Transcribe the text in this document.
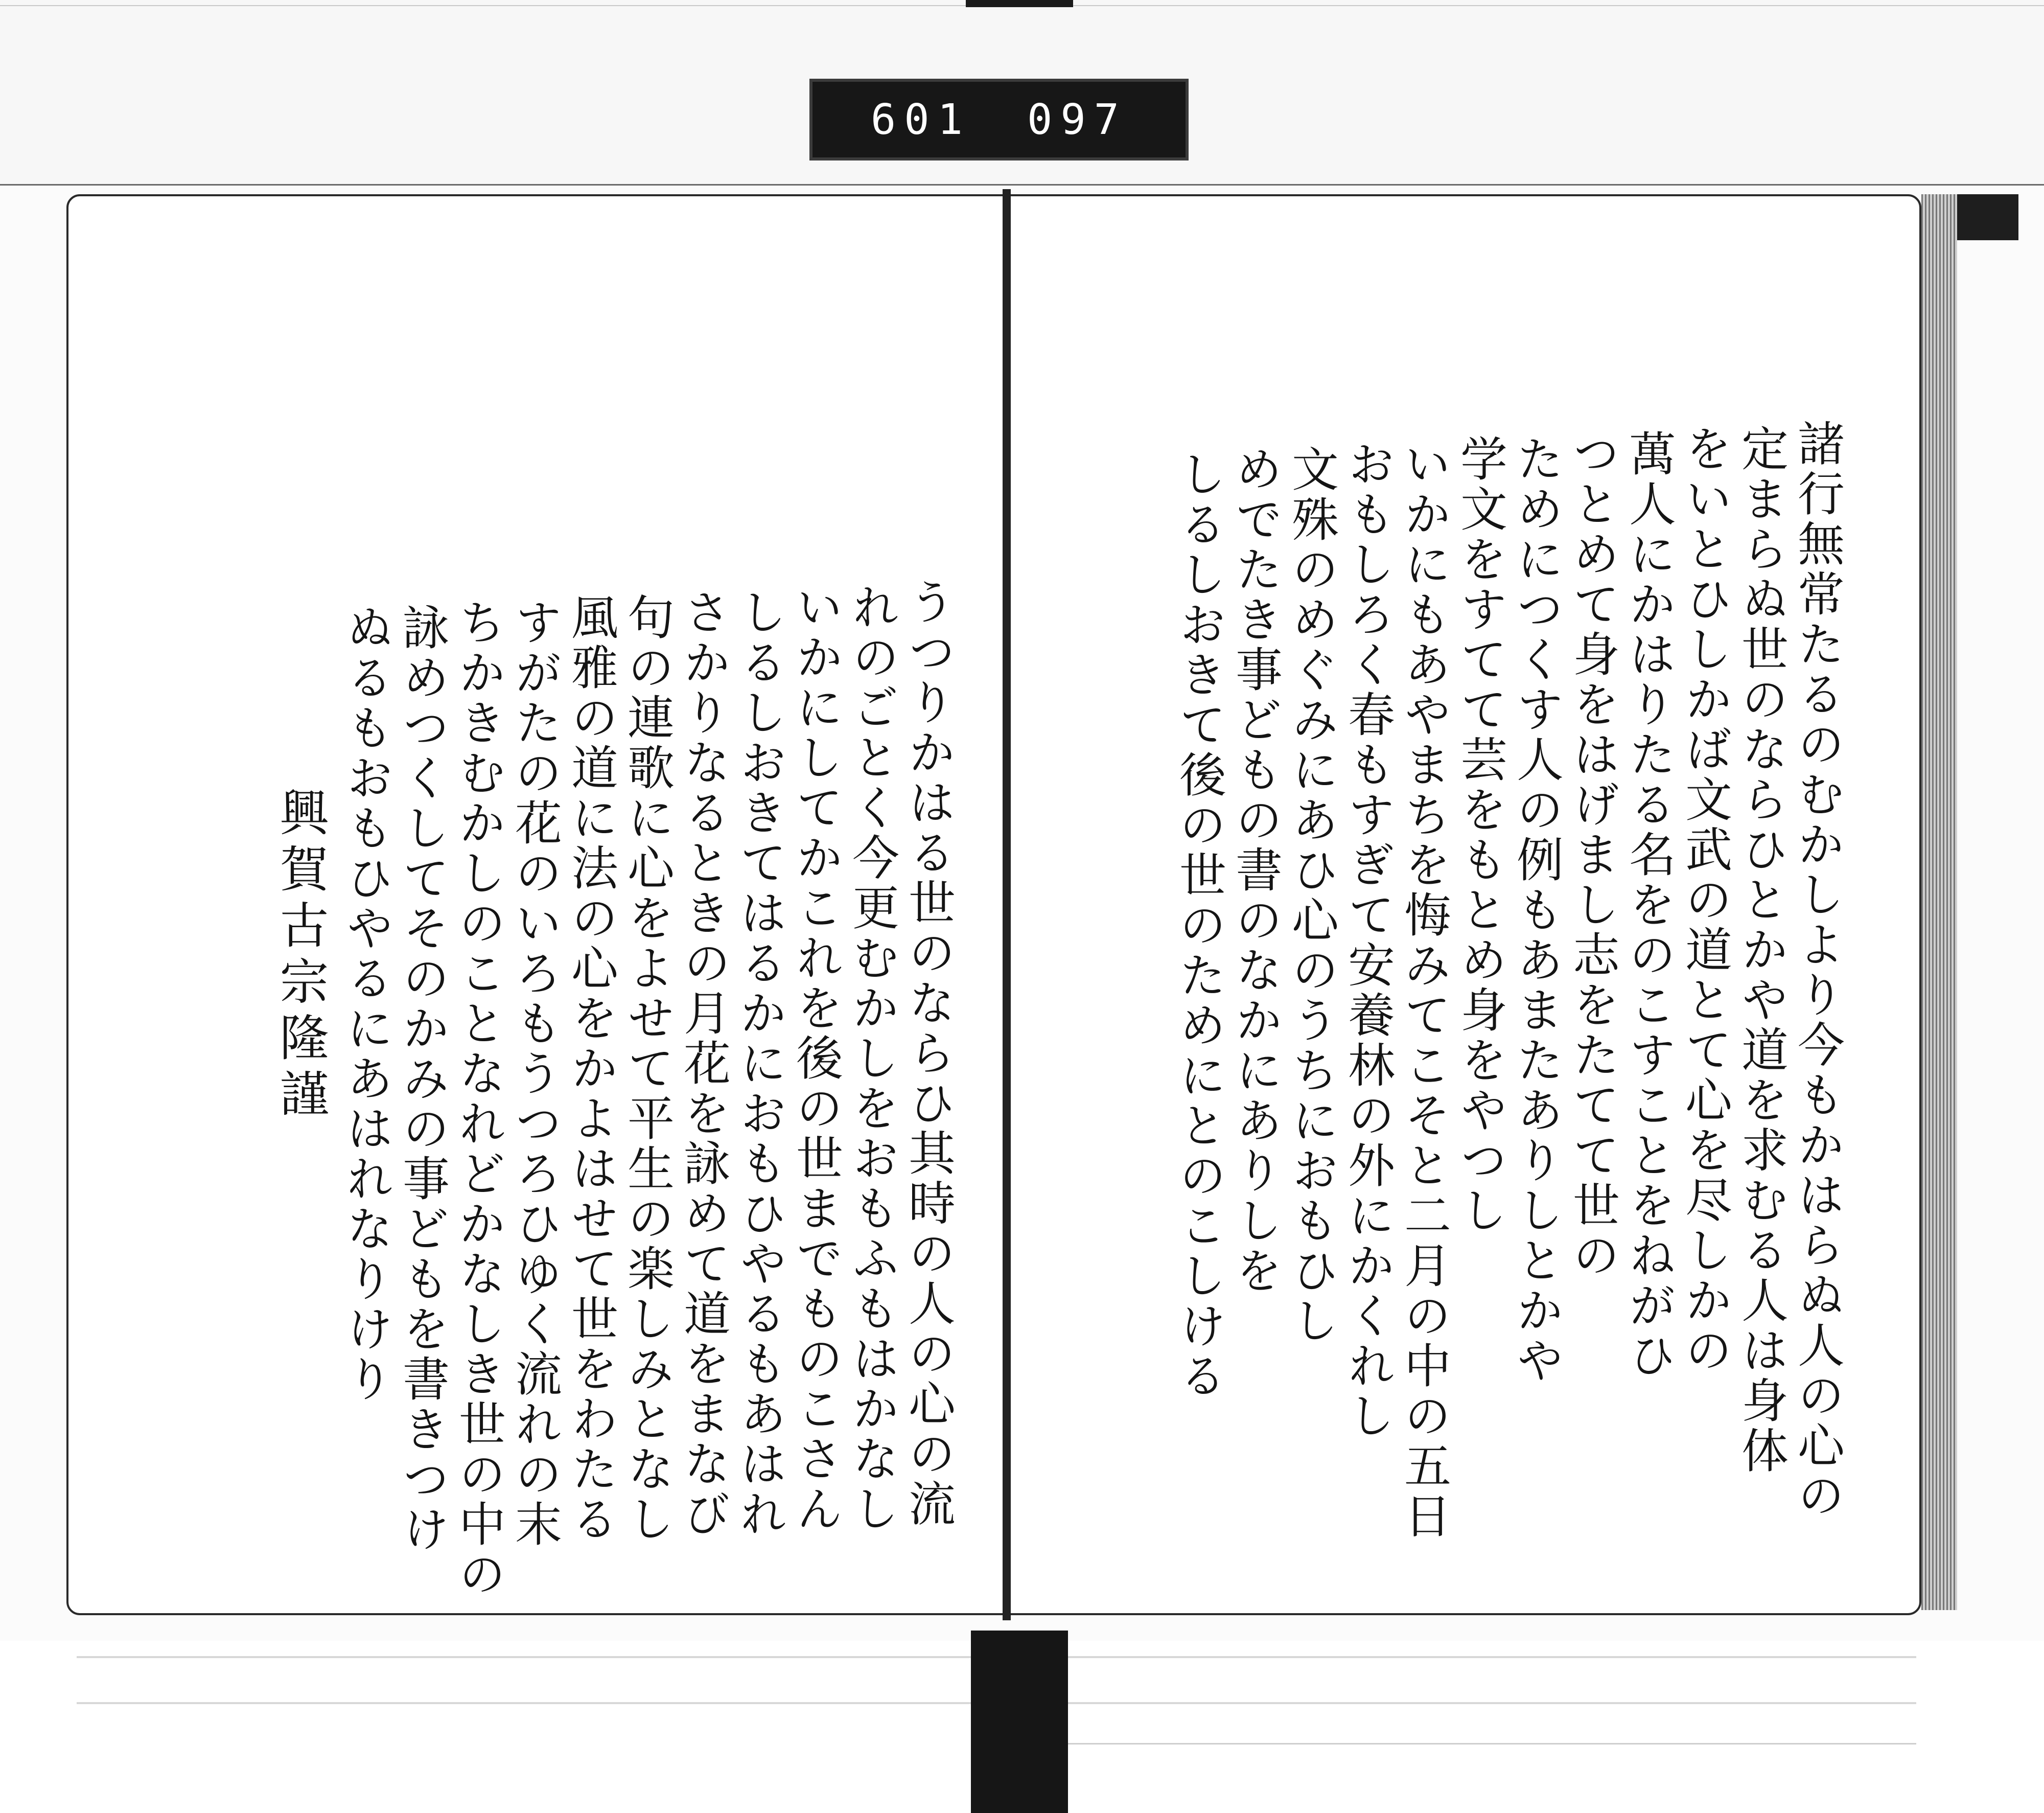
601 097
諸行無常たるのむかしより今もかはらぬ人の心の
定まらぬ世のならひとかや道を求むる人は身体
をいとひしかば文武の道とて心を尽しかの
萬人にかはりたる名をのこすことをねがひ
つとめて身をはげまし志をたてて世の
ためにつくす人の例もあまたありしとかや
学文をすてて芸をもとめ身をやつし
いかにもあやまちを悔みてこそと二月の中の五日
おもしろく春もすぎて安養林の外にかくれし
文殊のめぐみにあひ心のうちにおもひし
めでたき事どもの書のなかにありしを
しるしおきて後の世のためにとのこしける
うつりかはる世のならひ其時の人の心の流
れのごとく今更むかしをおもふもはかなし
いかにしてかこれを後の世までものこさん
しるしおきてはるかにおもひやるもあはれ
さかりなるときの月花を詠めて道をまなび
句の連歌に心をよせて平生の楽しみとなし
風雅の道に法の心をかよはせて世をわたる
すがたの花のいろもうつろひゆく流れの末
ちかきむかしのことなれどかなしき世の中の
詠めつくしてそのかみの事どもを書きつけ
ぬるもおもひやるにあはれなりけり
興賀古宗隆謹
